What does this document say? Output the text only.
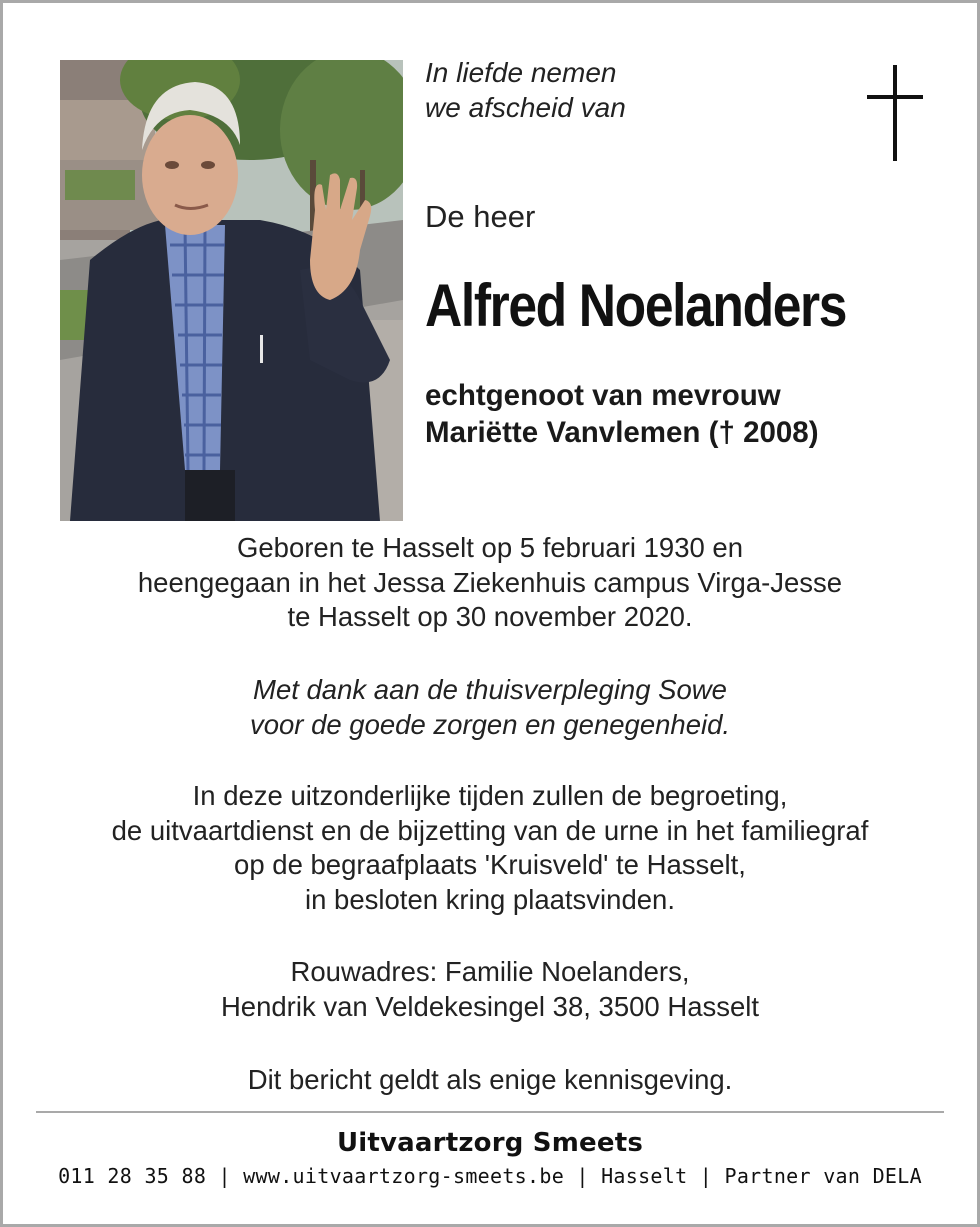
In liefde nemen
we afscheid van
De heer
Alfred Noelanders
echtgenoot van mevrouw
Mariëtte Vanvlemen († 2008)
Geboren te Hasselt op 5 februari 1930 en
heengegaan in het Jessa Ziekenhuis campus Virga-Jesse
te Hasselt op 30 november 2020.
Met dank aan de thuisverpleging Sowe
voor de goede zorgen en genegenheid.
In deze uitzonderlijke tijden zullen de begroeting,
de uitvaartdienst en de bijzetting van de urne in het familiegraf
op de begraafplaats 'Kruisveld' te Hasselt,
in besloten kring plaatsvinden.
Rouwadres: Familie Noelanders,
Hendrik van Veldekesingel 38, 3500 Hasselt
Dit bericht geldt als enige kennisgeving.
Uitvaartzorg Smeets
011 28 35 88 | www.uitvaartzorg-smeets.be | Hasselt | Partner van DELA
